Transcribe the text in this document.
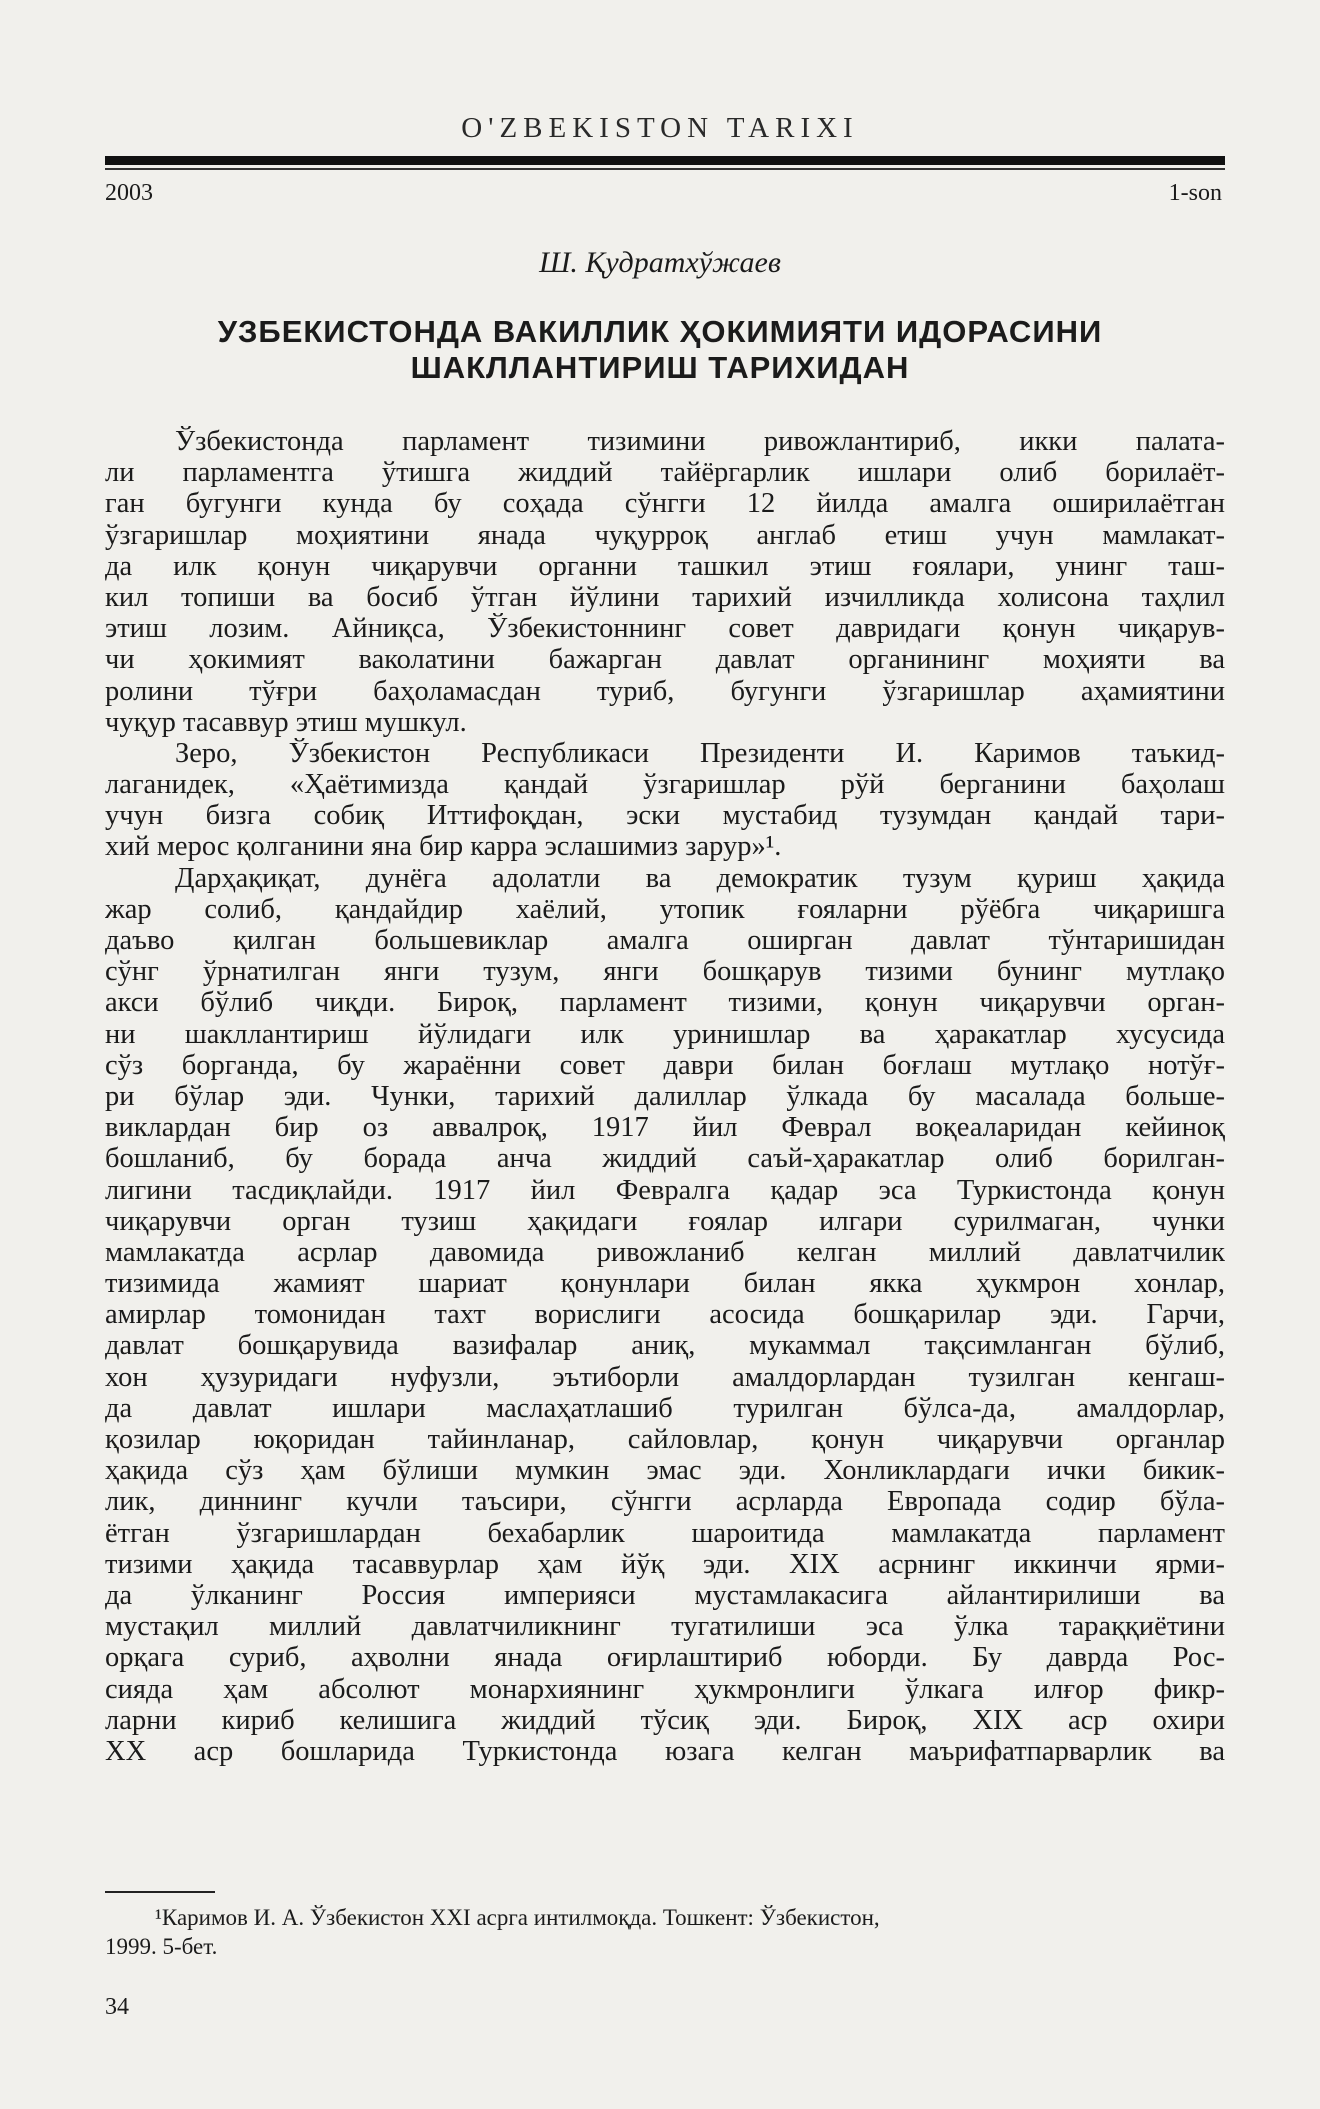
O'ZBEKISTON TARIXI
2003	1-son
Ш. Қудратхўжаев
УЗБЕКИСТОНДА ВАКИЛЛИК ҲОКИМИЯТИ ИДОРАСИНИ
ШАКЛЛАНТИРИШ ТАРИХИДАН
Ўзбекистонда парламент тизимини ривожлантириб, икки палата-
ли парламентга ўтишга жиддий тайёргарлик ишлари олиб борилаёт-
ган бугунги кунда бу соҳада сўнгги 12 йилда амалга оширилаётган
ўзгаришлар моҳиятини янада чуқурроқ англаб етиш учун мамлакат-
да илк қонун чиқарувчи органни ташкил этиш ғоялари, унинг таш-
кил топиши ва босиб ўтган йўлини тарихий изчилликда холисона таҳлил
этиш лозим. Айниқса, Ўзбекистоннинг совет давридаги қонун чиқарув-
чи ҳокимият ваколатини бажарган давлат органининг моҳияти ва
ролини тўғри баҳоламасдан туриб, бугунги ўзгаришлар аҳамиятини
чуқур тасаввур этиш мушкул.
Зеро, Ўзбекистон Республикаси Президенти И. Каримов таъкид-
лаганидек, «Ҳаётимизда қандай ўзгаришлар рўй берганини баҳолаш
учун бизга собиқ Иттифоқдан, эски мустабид тузумдан қандай тари-
хий мерос қолганини яна бир карра эслашимиз зарур»¹.
Дарҳақиқат, дунёга адолатли ва демократик тузум қуриш ҳақида
жар солиб, қандайдир хаёлий, утопик ғояларни рўёбга чиқаришга
даъво қилган большевиклар амалга оширган давлат тўнтаришидан
сўнг ўрнатилган янги тузум, янги бошқарув тизими бунинг мутлақо
акси бўлиб чиқди. Бироқ, парламент тизими, қонун чиқарувчи орган-
ни шакллантириш йўлидаги илк уринишлар ва ҳаракатлар хусусида
сўз борганда, бу жараённи совет даври билан боғлаш мутлақо нотўғ-
ри бўлар эди. Чунки, тарихий далиллар ўлкада бу масалада больше-
виклардан бир оз аввалроқ, 1917 йил Феврал воқеаларидан кейиноқ
бошланиб, бу борада анча жиддий саъй-ҳаракатлар олиб борилган-
лигини тасдиқлайди. 1917 йил Февралга қадар эса Туркистонда қонун
чиқарувчи орган тузиш ҳақидаги ғоялар илгари сурилмаган, чунки
мамлакатда асрлар давомида ривожланиб келган миллий давлатчилик
тизимида жамият шариат қонунлари билан якка ҳукмрон хонлар,
амирлар томонидан тахт ворислиги асосида бошқарилар эди. Гарчи,
давлат бошқарувида вазифалар аниқ, мукаммал тақсимланган бўлиб,
хон ҳузуридаги нуфузли, эътиборли амалдорлардан тузилган кенгаш-
да давлат ишлари маслаҳатлашиб турилган бўлса-да, амалдорлар,
қозилар юқоридан тайинланар, сайловлар, қонун чиқарувчи органлар
ҳақида сўз ҳам бўлиши мумкин эмас эди. Хонликлардаги ички бикик-
лик, диннинг кучли таъсири, сўнгги асрларда Европада содир бўла-
ётган ўзгаришлардан бехабарлик шароитида мамлакатда парламент
тизими ҳақида тасаввурлар ҳам йўқ эди. XIX асрнинг иккинчи ярми-
да ўлканинг Россия империяси мустамлакасига айлантирилиши ва
мустақил миллий давлатчиликнинг тугатилиши эса ўлка тараққиётини
орқага суриб, аҳволни янада оғирлаштириб юборди. Бу даврда Рос-
сияда ҳам абсолют монархиянинг ҳукмронлиги ўлкага илғор фикр-
ларни кириб келишига жиддий тўсиқ эди. Бироқ, XIX аср охири
XX аср бошларида Туркистонда юзага келган маърифатпарварлик ва
¹Каримов И. А. Ўзбекистон XXI асрга интилмоқда. Тошкент: Ўзбекистон,
1999. 5-бет.
34
